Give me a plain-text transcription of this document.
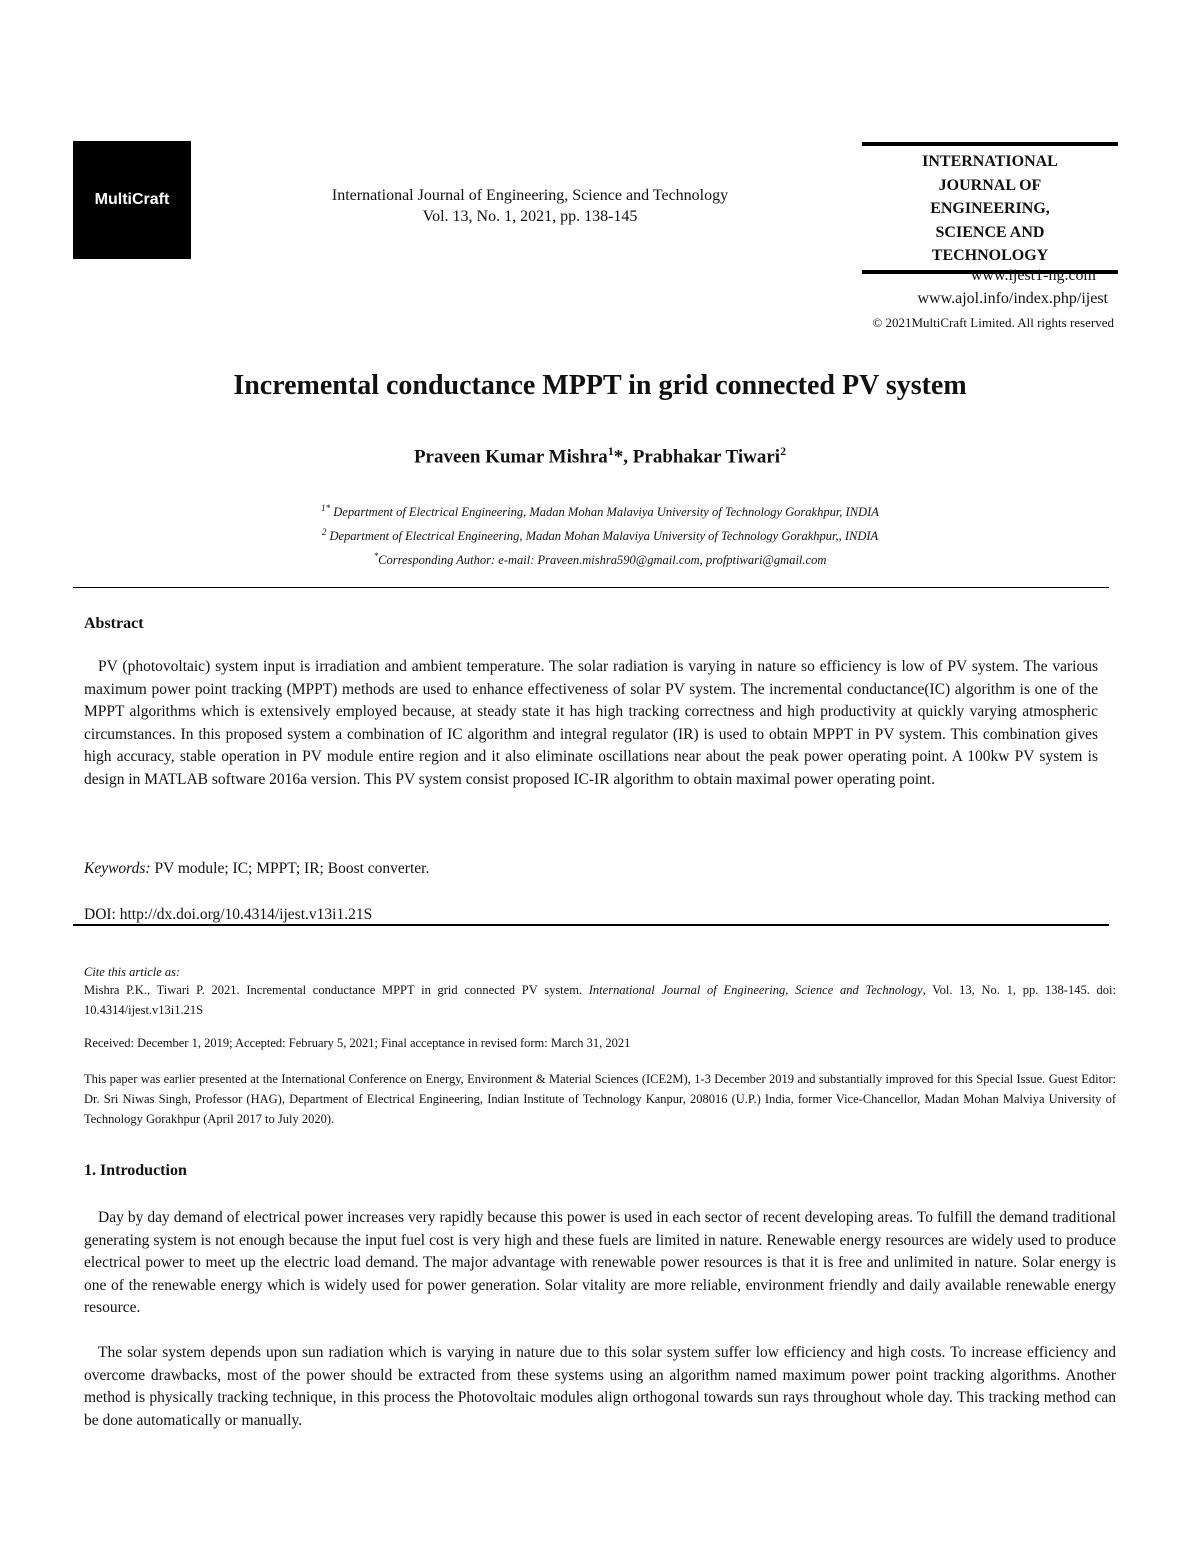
MultiCraft	International Journal of Engineering, Science and Technology
Vol. 13, No. 1, 2021, pp. 138-145
INTERNATIONAL
JOURNAL OF
ENGINEERING,
SCIENCE AND
TECHNOLOGY
www.ijest1-ng.com
www.ajol.info/index.php/ijest
© 2021MultiCraft Limited. All rights reserved
Incremental conductance MPPT in grid connected PV system
Praveen Kumar Mishra$^1$*, Prabhakar Tiwari$^2$
$^{1*}$ Department of Electrical Engineering, Madan Mohan Malaviya University of Technology Gorakhpur, INDIA
$^2$ Department of Electrical Engineering, Madan Mohan Malaviya University of Technology Gorakhpur,, INDIA
*Corresponding Author: e-mail: Praveen.mishra590@gmail.com, profptiwari@gmail.com
Abstract
PV (photovoltaic) system input is irradiation and ambient temperature. The solar radiation is varying in nature so efficiency is low of PV system. The various maximum power point tracking (MPPT) methods are used to enhance effectiveness of solar PV system. The incremental conductance(IC) algorithm is one of the MPPT algorithms which is extensively employed because, at steady state it has high tracking correctness and high productivity at quickly varying atmospheric circumstances. In this proposed system a combination of IC algorithm and integral regulator (IR) is used to obtain MPPT in PV system. This combination gives high accuracy, stable operation in PV module entire region and it also eliminate oscillations near about the peak power operating point. A 100kw PV system is design in MATLAB software 2016a version. This PV system consist proposed IC-IR algorithm to obtain maximal power operating point.
Keywords: PV module; IC; MPPT; IR; Boost converter.
DOI: http://dx.doi.org/10.4314/ijest.v13i1.21S
Cite this article as:
Mishra P.K., Tiwari P. 2021. Incremental conductance MPPT in grid connected PV system. International Journal of Engineering, Science and Technology, Vol. 13, No. 1, pp. 138-145. doi: 10.4314/ijest.v13i1.21S
Received: December 1, 2019; Accepted: February 5, 2021; Final acceptance in revised form: March 31, 2021
This paper was earlier presented at the International Conference on Energy, Environment & Material Sciences (ICE2M), 1-3 December 2019 and substantially improved for this Special Issue. Guest Editor: Dr. Sri Niwas Singh, Professor (HAG), Department of Electrical Engineering, Indian Institute of Technology Kanpur, 208016 (U.P.) India, former Vice-Chancellor, Madan Mohan Malviya University of Technology Gorakhpur (April 2017 to July 2020).
1. Introduction
Day by day demand of electrical power increases very rapidly because this power is used in each sector of recent developing areas. To fulfill the demand traditional generating system is not enough because the input fuel cost is very high and these fuels are limited in nature. Renewable energy resources are widely used to produce electrical power to meet up the electric load demand. The major advantage with renewable power resources is that it is free and unlimited in nature. Solar energy is one of the renewable energy which is widely used for power generation. Solar vitality are more reliable, environment friendly and daily available renewable energy resource.
The solar system depends upon sun radiation which is varying in nature due to this solar system suffer low efficiency and high costs. To increase efficiency and overcome drawbacks, most of the power should be extracted from these systems using an algorithm named maximum power point tracking algorithms. Another method is physically tracking technique, in this process the Photovoltaic modules align orthogonal towards sun rays throughout whole day. This tracking method can be done automatically or manually.
